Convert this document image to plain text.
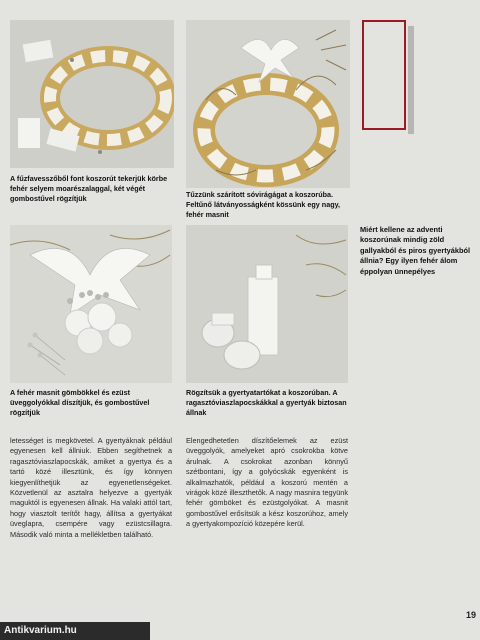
A fűzfavesszőből font koszorút tekerjük körbe fehér selyem moarészalaggal, két végét gombostűvel rögzítjük	Tűzzünk szárított sóvirágágat a koszorúba. Feltűnő látványosságként kössünk egy nagy, fehér masnit
A fehér masnit gömbökkel és ezüst üveggolyókkal díszítjük, és gombostűvel rögzítjük
Rögzítsük a gyertyatartókat a koszorúban. A ragasztóviaszlapocskákkal a gyertyák biztosan állnak
Miért kellene az adventi koszorúnak mindig zöld gallyakból és piros gyertyákból állnia? Egy ilyen fehér álom éppolyan ünnepélyes

letességet is megkövetel. A gyertyáknak például egyenesen kell állniuk. Ebben segíthetnek a ragasztóviaszlapocskák, amiket a gyertya és a tartó közé illesztünk, és így könnyen kiegyenlíthetjük az egyenetlenségeket. Közvetlenül az asztalra helyezve a gyertyák maguktól is egyenesen állnak. Ha valaki attól tart, hogy viasztolt terítőt hagy, állítsa a gyertyákat üveglapra, csempére vagy ezüstcsillagra. Második való minta a mellékletben található.

Elengedhetetlen díszítőelemek az ezüst üveggolyók, amelyeket apró csokrokba kötve árulnak. A csokrokat azonban könnyű szétbontani, így a golyócskák egyenként is alkalmazhatók, például a koszorú mentén a virágok közé illeszthetők. A nagy masnira tegyünk fehér gömböket és ezüstgolyókat. A masnit gombostűvel erősítsük a kész koszorúhoz, amely a gyertyakompozíció közepére kerül.

19
Antikvarium.hu
